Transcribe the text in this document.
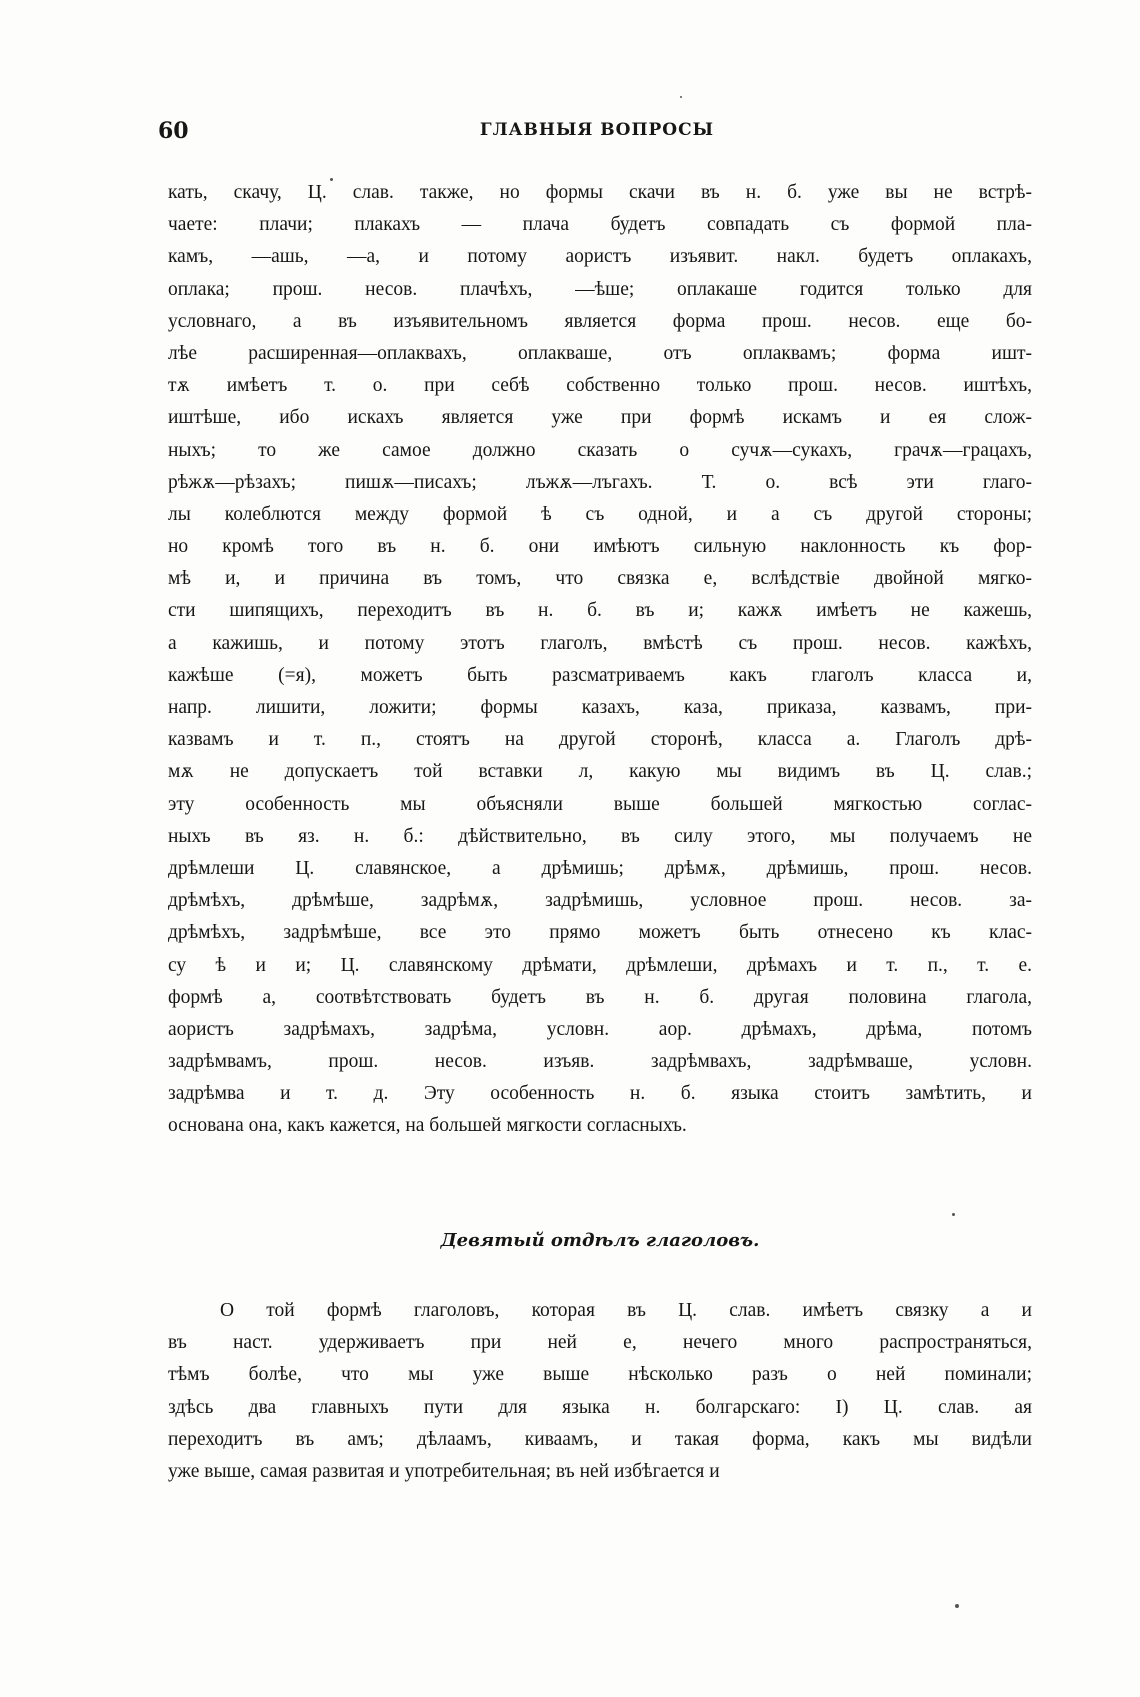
60	ГЛАВНЫЯ ВОПРОСЫ
кать, скачу, Ц. слав. также, но формы скачи въ н. б. уже вы не встрѣ-
чаете: плачи; плакахъ — плача будетъ совпадать съ формой пла-
камъ, —ашь, —а, и потому аористъ изъявит. накл. будетъ оплакахъ,
оплака; прош. несов. плачѣхъ, —ѣше; оплакаше годится только для
условнаго, а въ изъявительномъ является форма прош. несов. еще бо-
лѣе расширенная—оплаквахъ, оплакваше, отъ оплаквамъ; форма ишт-
тѫ имѣетъ т. о. при себѣ собственно только прош. несов. иштѣхъ,
иштѣше, ибо искахъ является уже при формѣ искамъ и ея слож-
ныхъ; то же самое должно сказать о сучѫ—сукахъ, грачѫ—грацахъ,
рѣжѫ—рѣзахъ; пишѫ—писахъ; лъжѫ—лъгахъ. Т. о. всѣ эти глаго-
лы колеблются между формой ѣ съ одной, и а съ другой стороны;
но кромѣ того въ н. б. они имѣютъ сильную наклонность къ фор-
мѣ и, и причина въ томъ, что связка е, вслѣдствіе двойной мягко-
сти шипящихъ, переходитъ въ н. б. въ и; кажѫ имѣетъ не кажешь,
а кажишь, и потому этотъ глаголъ, вмѣстѣ съ прош. несов. кажѣхъ,
кажѣше (=я), можетъ быть разсматриваемъ какъ глаголъ класса и,
напр. лишити, ложити; формы казахъ, каза, приказа, казвамъ, при-
казвамъ и т. п., стоятъ на другой сторонѣ, класса а. Глаголъ дрѣ-
мѫ не допускаетъ той вставки л, какую мы видимъ въ Ц. слав.;
эту особенность мы объясняли выше большей мягкостью соглас-
ныхъ въ яз. н. б.: дѣйствительно, въ силу этого, мы получаемъ не
дрѣмлеши Ц. славянское, а дрѣмишь; дрѣмѫ, дрѣмишь, прош. несов.
дрѣмѣхъ, дрѣмѣше, задрѣмѫ, задрѣмишь, условное прош. несов. за-
дрѣмѣхъ, задрѣмѣше, все это прямо можетъ быть отнесено къ клас-
су ѣ и и; Ц. славянскому дрѣмати, дрѣмлеши, дрѣмахъ и т. п., т. е.
формѣ а, соотвѣтствовать будетъ въ н. б. другая половина глагола,
аористъ задрѣмахъ, задрѣма, условн. аор. дрѣмахъ, дрѣма, потомъ
задрѣмвамъ, прош. несов. изъяв. задрѣмвахъ, задрѣмваше, условн.
задрѣмва и т. д. Эту особенность н. б. языка стоитъ замѣтить, и
основана она, какъ кажется, на большей мягкости согласныхъ.
Девятый отдѣлъ глаголовъ.
О той формѣ глаголовъ, которая въ Ц. слав. имѣетъ связку а и
въ наст. удерживаетъ при ней е, нечего много распространяться,
тѣмъ болѣе, что мы уже выше нѣсколько разъ о ней поминали;
здѣсь два главныхъ пути для языка н. болгарскаго: I) Ц. слав. ая
переходитъ въ амъ; дѣлаамъ, киваамъ, и такая форма, какъ мы видѣли
уже выше, самая развитая и употребительная; въ ней избѣгается и
